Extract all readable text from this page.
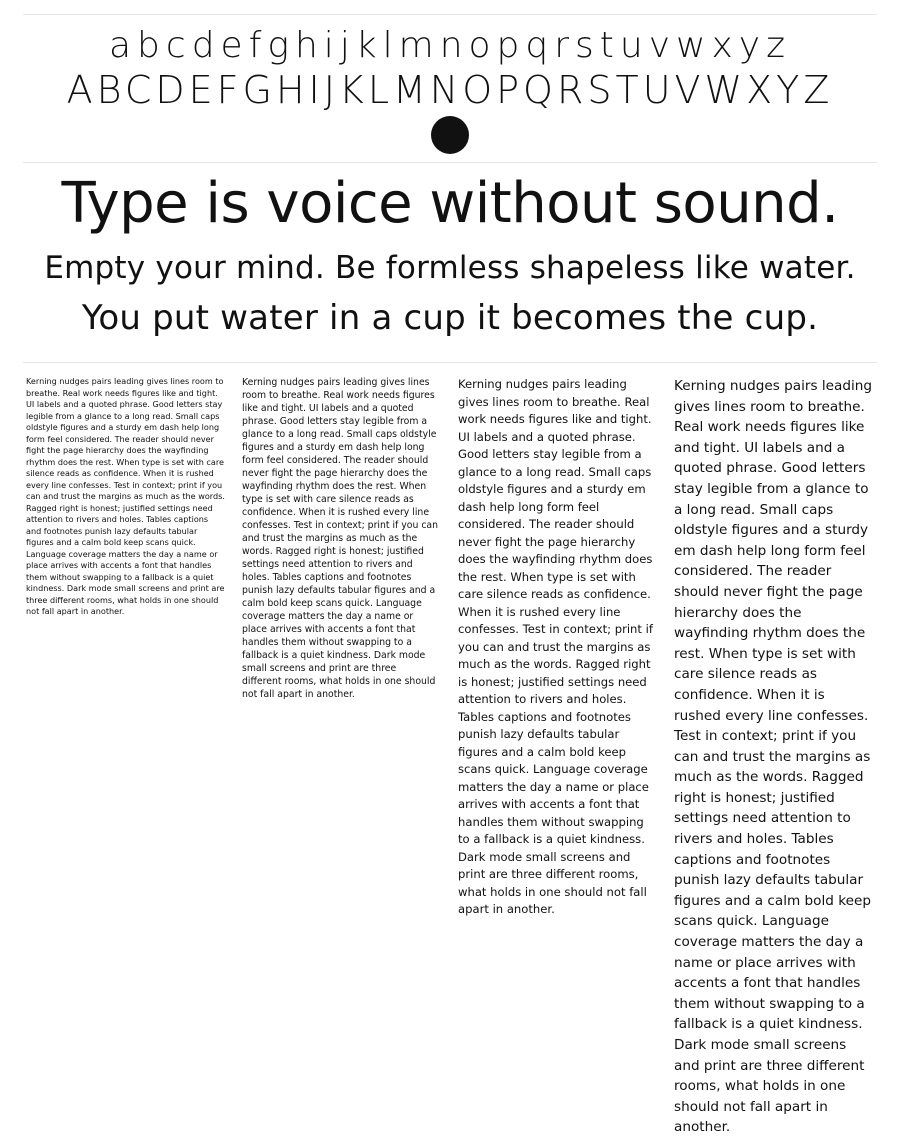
abcdefghijklmnopqrstuvwxyz
ABCDEFGHIJKLMNOPQRSTUVWXYZ
Type is voice without sound.
Empty your mind. Be formless shapeless like water.
You put water in a cup it becomes the cup.
Kerning nudges pairs leading gives lines room to breathe. Real work needs figures like and tight. UI labels and a quoted phrase. Good letters stay legible from a glance to a long read. Small caps oldstyle figures and a sturdy em dash help long form feel considered. The reader should never fight the page hierarchy does the wayfinding rhythm does the rest. When type is set with care silence reads as confidence. When it is rushed every line confesses. Test in context; print if you can and trust the margins as much as the words. Ragged right is honest; justified settings need attention to rivers and holes. Tables captions and footnotes punish lazy defaults tabular figures and a calm bold keep scans quick. Language coverage matters the day a name or place arrives with accents a font that handles them without swapping to a fallback is a quiet kindness. Dark mode small screens and print are three different rooms, what holds in one should not fall apart in another.
Kerning nudges pairs leading gives lines room to breathe. Real work needs figures like and tight. UI labels and a quoted phrase. Good letters stay legible from a glance to a long read. Small caps oldstyle figures and a sturdy em dash help long form feel considered. The reader should never fight the page hierarchy does the wayfinding rhythm does the rest. When type is set with care silence reads as confidence. When it is rushed every line confesses. Test in context; print if you can and trust the margins as much as the words. Ragged right is honest; justified settings need attention to rivers and holes. Tables captions and footnotes punish lazy defaults tabular figures and a calm bold keep scans quick. Language coverage matters the day a name or place arrives with accents a font that handles them without swapping to a fallback is a quiet kindness. Dark mode small screens and print are three different rooms, what holds in one should not fall apart in another.
Kerning nudges pairs leading gives lines room to breathe. Real work needs figures like and tight. UI labels and a quoted phrase. Good letters stay legible from a glance to a long read. Small caps oldstyle figures and a sturdy em dash help long form feel considered. The reader should never fight the page hierarchy does the wayfinding rhythm does the rest. When type is set with care silence reads as confidence. When it is rushed every line confesses. Test in context; print if you can and trust the margins as much as the words. Ragged right is honest; justified settings need attention to rivers and holes. Tables captions and footnotes punish lazy defaults tabular figures and a calm bold keep scans quick. Language coverage matters the day a name or place arrives with accents a font that handles them without swapping to a fallback is a quiet kindness. Dark mode small screens and print are three different rooms, what holds in one should not fall apart in another.
Kerning nudges pairs leading gives lines room to breathe. Real work needs figures like and tight. UI labels and a quoted phrase. Good letters stay legible from a glance to a long read. Small caps oldstyle figures and a sturdy em dash help long form feel considered. The reader should never fight the page hierarchy does the wayfinding rhythm does the rest. When type is set with care silence reads as confidence. When it is rushed every line confesses. Test in context; print if you can and trust the margins as much as the words. Ragged right is honest; justified settings need attention to rivers and holes. Tables captions and footnotes punish lazy defaults tabular figures and a calm bold keep scans quick. Language coverage matters the day a name or place arrives with accents a font that handles them without swapping to a fallback is a quiet kindness. Dark mode small screens and print are three different rooms, what holds in one should not fall apart in another.
